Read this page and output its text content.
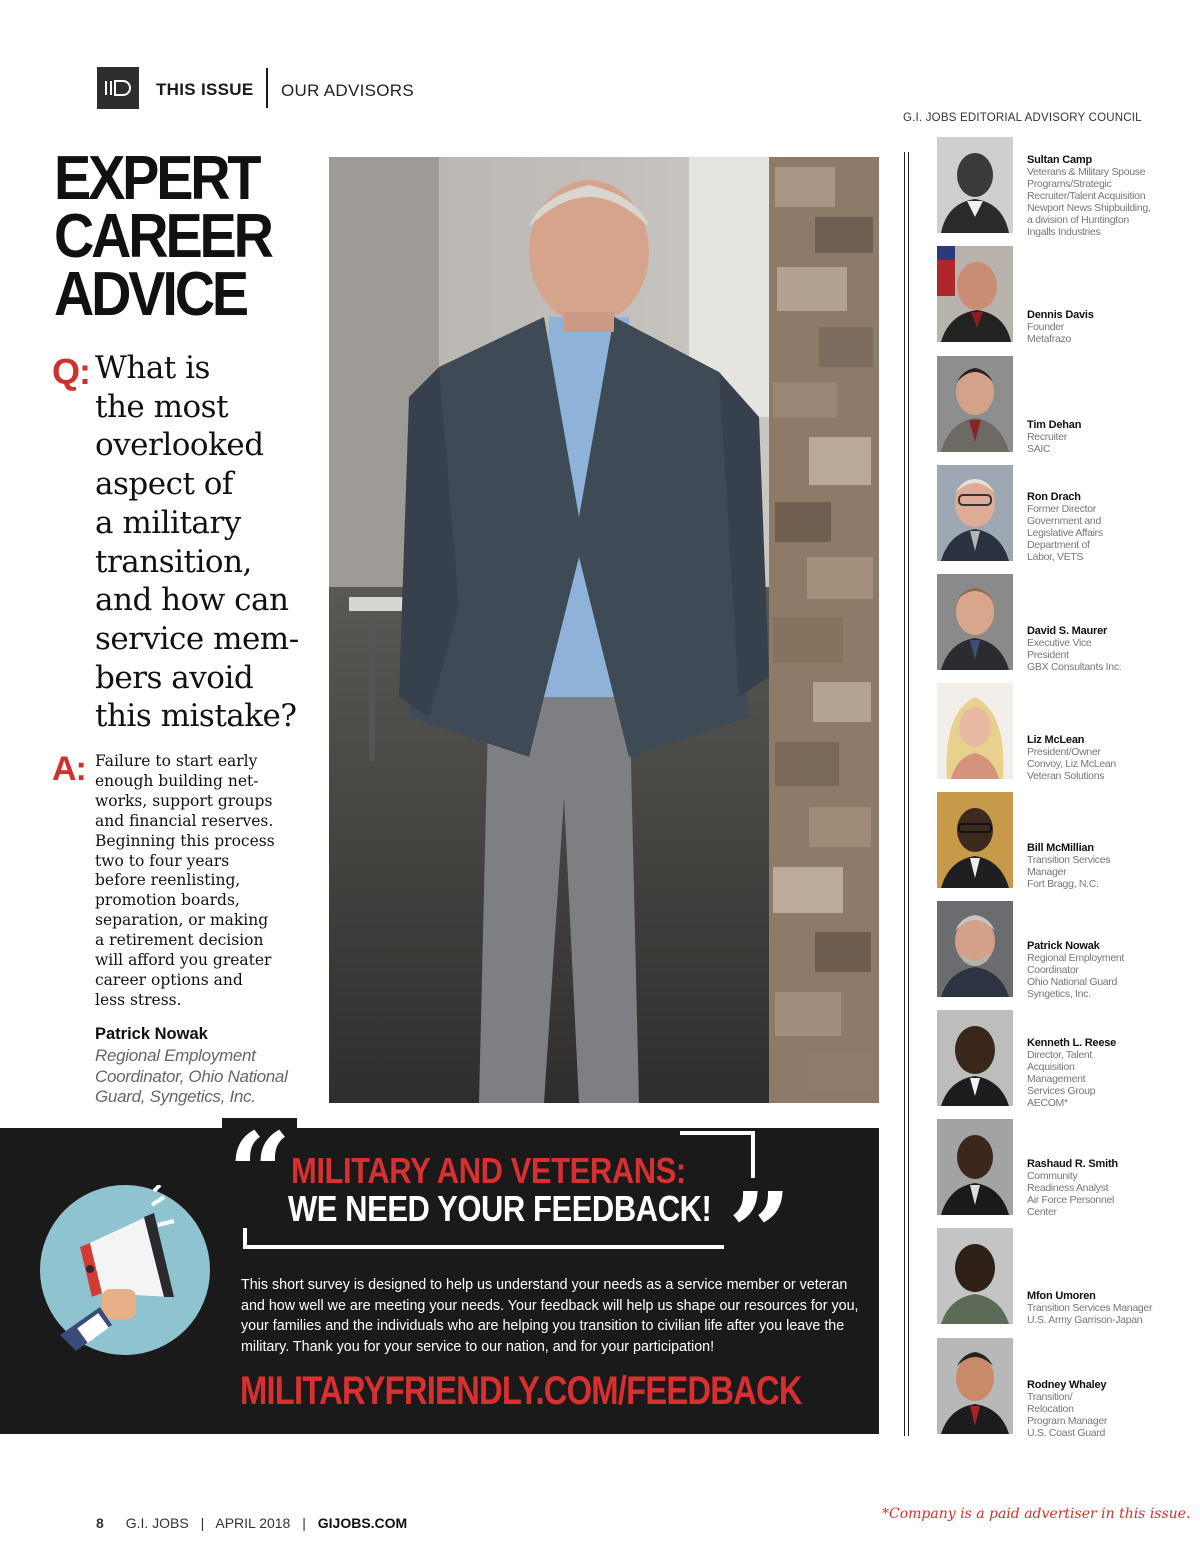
THIS ISSUE OUR ADVISORS
G.I. JOBS EDITORIAL ADVISORY COUNCIL
EXPERT
CAREER
ADVICE
Q: What is
the most
overlooked
aspect of
a military
transition,
and how can
service mem-
bers avoid
this mistake?
A: Failure to start early
enough building net-
works, support groups
and financial reserves.
Beginning this process
two to four years
before reenlisting,
promotion boards,
separation, or making
a retirement decision
will afford you greater
career options and
less stress.
Patrick Nowak
Regional Employment
Coordinator, Ohio National
Guard, Syngetics, Inc.
Sultan Camp
Veterans & Military Spouse
Programs/Strategic
Recruiter/Talent Acquisition
Newport News Shipbuilding,
a division of Huntington
Ingalls Industries
Dennis Davis
Founder
Metafrazo
Tim Dehan
Recruiter
SAIC
Ron Drach
Former Director
Government and
Legislative Affairs
Department of
Labor, VETS
David S. Maurer
Executive Vice
President
GBX Consultants Inc.
Liz McLean
President/Owner
Convoy, Liz McLean
Veteran Solutions
Bill McMillian
Transition Services
Manager
Fort Bragg, N.C.
Patrick Nowak
Regional Employment
Coordinator
Ohio National Guard
Syngetics, Inc.
Kenneth L. Reese
Director, Talent
Acquisition
Management
Services Group
AECOM*
Rashaud R. Smith
Community
Readiness Analyst
Air Force Personnel
Center
Mfon Umoren
Transition Services Manager
U.S. Army Garrison-Japan
Rodney Whaley
Transition/
Relocation
Program Manager
U.S. Coast Guard
“	”
MILITARY AND VETERANS:
WE NEED YOUR FEEDBACK!
This short survey is designed to help us understand your needs as a service member or veteran and how well we are meeting your needs. Your feedback will help us shape our resources for you, your families and the individuals who are helping you transition to civilian life after you leave the military. Thank you for your service to our nation, and for your participation!
MILITARYFRIENDLY.COM/FEEDBACK
8 G.I. JOBS | APRIL 2018 | GIJOBS.COM
*Company is a paid advertiser in this issue.
